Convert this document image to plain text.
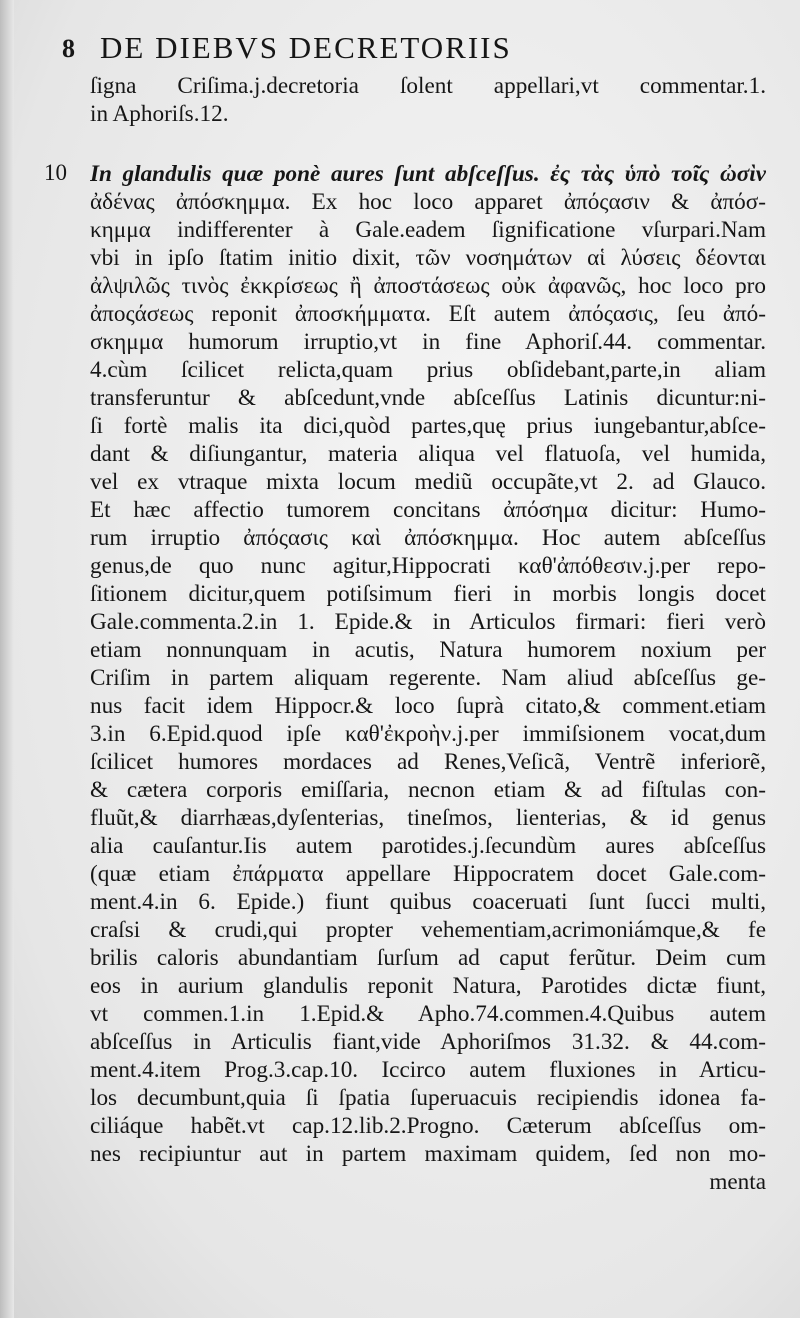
8 DE DIEBVS DECRETORIIS
10
ſigna Criſima.j.decretoria ſolent appellari,vt commentar.1.
in Aphoriſs.12.
In glandulis quæ ponè aures ſunt abſceſſus. ἐς τὰς ὑπὸ τοῖς ὠσὶν
ἀδένας ἀπόσκημμα. Ex hoc loco apparet ἀπόςασιν & ἀπόσ-
κημμα indifferenter à Gale.eadem ſignificatione vſurpari.Nam
vbi in ipſo ſtatim initio dixit, τῶν νοσημάτων αἱ λύσεις δέονται
ἀλψιλῶς τινὸς ἐκκρίσεως ἢ ἀποστάσεως οὐκ ἀφανῶς, hoc loco pro
ἀποςάσεως reponit ἀποσκήμματα. Eſt autem ἀπόςασις, ſeu ἀπό-
σκημμα humorum irruptio,vt in fine Aphoriſ.44. commentar.
4.cùm ſcilicet relicta,quam prius obſidebant,parte,in aliam
transferuntur & abſcedunt,vnde abſceſſus Latinis dicuntur:ni-
ſi fortè malis ita dici,quòd partes,quę prius iungebantur,abſce-
dant & diſiungantur, materia aliqua vel flatuoſa, vel humida,
vel ex vtraque mixta locum mediũ occupãte,vt 2. ad Glauco.
Et hæc affectio tumorem concitans ἀπόσημα dicitur: Humo-
rum irruptio ἀπόςασις καὶ ἀπόσκημμα. Hoc autem abſceſſus
genus,de quo nunc agitur,Hippocrati καθ'ἀπόθεσιν.j.per repo-
ſitionem dicitur,quem potiſsimum fieri in morbis longis docet
Gale.commenta.2.in 1. Epide.& in Articulos firmari: fieri verò
etiam nonnunquam in acutis, Natura humorem noxium per
Criſim in partem aliquam regerente. Nam aliud abſceſſus ge-
nus facit idem Hippocr.& loco ſuprà citato,& comment.etiam
3.in 6.Epid.quod ipſe καθ'ἐκροὴν.j.per immiſsionem vocat,dum
ſcilicet humores mordaces ad Renes,Veſicã, Ventrẽ inferiorẽ,
& cætera corporis emiſſaria, necnon etiam & ad fiſtulas con-
fluũt,& diarrhæas,dyſenterias, tineſmos, lienterias, & id genus
alia cauſantur.Iis autem parotides.j.ſecundùm aures abſceſſus
(quæ etiam ἐπάρματα appellare Hippocratem docet Gale.com-
ment.4.in 6. Epide.) fiunt quibus coaceruati ſunt ſucci multi,
craſsi & crudi,qui propter vehementiam,acrimoniámque,& fe
brilis caloris abundantiam ſurſum ad caput ferũtur. Deim cum
eos in aurium glandulis reponit Natura, Parotides dictæ fiunt,
vt commen.1.in 1.Epid.& Apho.74.commen.4.Quibus autem
abſceſſus in Articulis fiant,vide Aphoriſmos 31.32. & 44.com-
ment.4.item Prog.3.cap.10. Iccirco autem fluxiones in Articu-
los decumbunt,quia ſi ſpatia ſuperuacuis recipiendis idonea fa-
ciliáque habẽt.vt cap.12.lib.2.Progno. Cæterum abſceſſus om-
nes recipiuntur aut in partem maximam quidem, ſed non mo-
menta
